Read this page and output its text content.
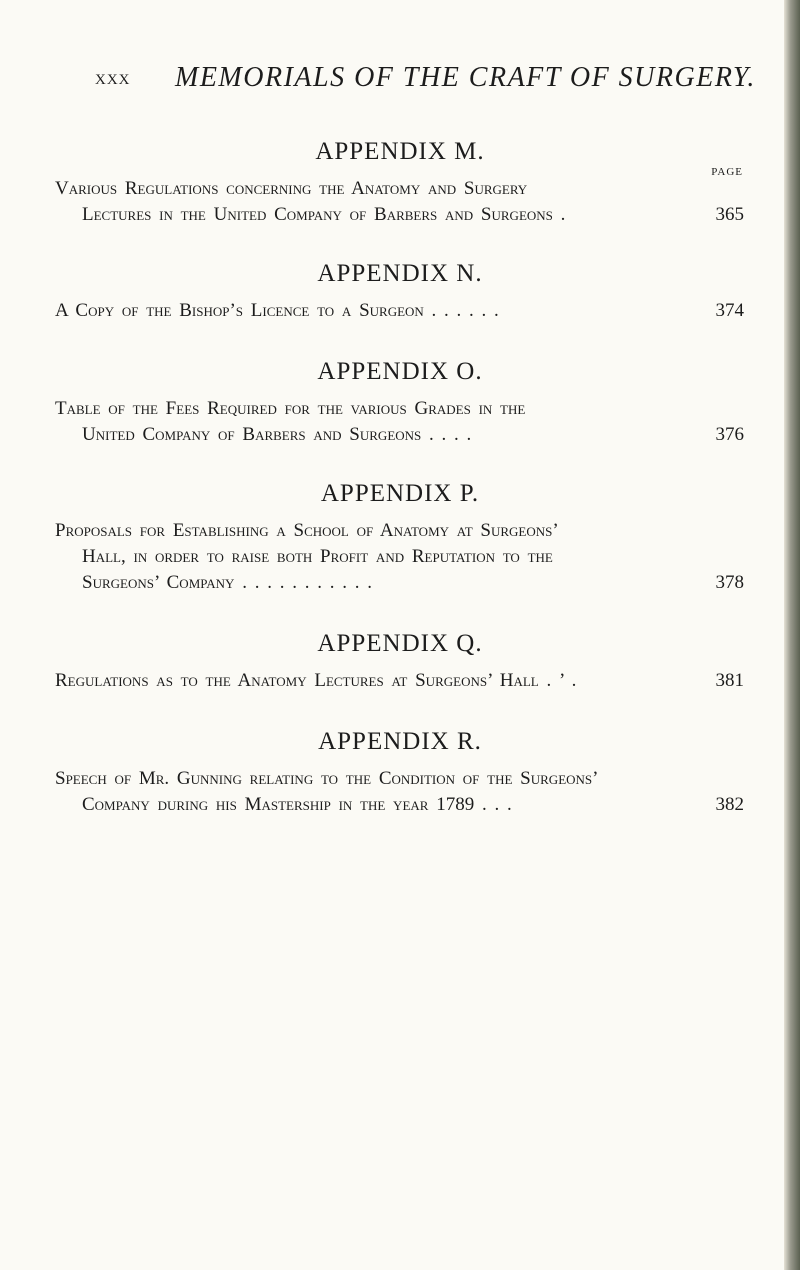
XXX MEMORIALS OF THE CRAFT OF SURGERY.
PAGE
APPENDIX M.
Various Regulations concerning the Anatomy and Surgery
Lectures in the United Company of Barbers and Surgeons .	365
APPENDIX N.
A Copy of the Bishop’s Licence to a Surgeon . . . . . .	374
APPENDIX O.
Table of the Fees Required for the various Grades in the
United Company of Barbers and Surgeons . . . .	376
APPENDIX P.
Proposals for Establishing a School of Anatomy at Surgeons’
Hall, in order to raise both Profit and Reputation to the
Surgeons’ Company . . . . . . . . . . .	378
APPENDIX Q.
Regulations as to the Anatomy Lectures at Surgeons’ Hall . ’ .	381
APPENDIX R.
Speech of Mr. Gunning relating to the Condition of the Surgeons’
Company during his Mastership in the year 1789 . . .	382
